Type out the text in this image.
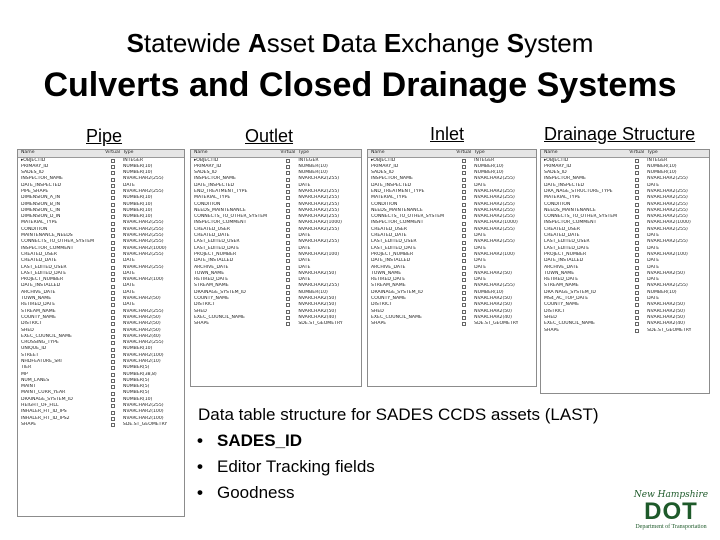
Statewide Asset Data Exchange System
Culverts and Closed Drainage Systems
Pipe	Outlet	Inlet	Drainage Structure
Name	Virtual Type
▸OBJECTID	INTEGER
PRIMARY_ID	NUMBER(10)
SADES_ID	NUMBER(10)
INSPECTOR_NAME	NVARCHAR2(255)
DATE_INSPECTED	DATE
PIPE_SHAPE	NVARCHAR2(255)
DIMENSION_A_IN	NUMBER(10)
DIMENSION_B_IN	NUMBER(10)
DIMENSION_C_IN	NUMBER(10)
DIMENSION_D_IN	NUMBER(10)
MATERIAL_TYPE	NVARCHAR2(255)
CONDITION	NVARCHAR2(255)
MAINTENANCE_NEEDS	NVARCHAR2(255)
CONNECTS_TO_OTHER_SYSTEM	NVARCHAR2(255)
INSPECTOR_COMMENT	NVARCHAR2(1000)
CREATED_USER	NVARCHAR2(255)
CREATED_DATE	DATE
LAST_EDITED_USER	NVARCHAR2(255)
LAST_EDITED_DATE	DATE
PROJECT_NUMBER	NVARCHAR2(100)
DATE_INSTALLED	DATE
ARCHIVE_DATE	DATE
TOWN_NAME	NVARCHAR2(50)
RETIRED_DATE	DATE
STREAM_NAME	NVARCHAR2(255)
COUNTY_NAME	NVARCHAR2(50)
DISTRICT	NVARCHAR2(50)
SHED	NVARCHAR2(50)
EXEC_COUNCIL_NAME	NVARCHAR2(40)
CROSSING_TYPE	NVARCHAR2(255)
UNIQUE_ID	NUMBER(10)
STREET	NVARCHAR2(100)
NHDFEATURE_SRI	NVARCHAR2(10)
TIER	NUMBER(5)
MP	NUMBER(38,8)
NUM_LANES	NUMBER(5)
MAINT	NUMBER(5)
MAINT_CURR_YEAR	NUMBER(5)
DRAINAGE_SYSTEM_ID	NUMBER(10)
HEIGHT_OF_FILL	NVARCHAR2(255)
INHALER_FIT_ID_IPS	NVARCHAR2(100)
INHALER_FIT_ID_IPS2	NVARCHAR2(100)
SHAPE	SDE.ST_GEOMETRY
Name	Virtual Type
▸OBJECTID	INTEGER
PRIMARY_ID	NUMBER(10)
SADES_ID	NUMBER(10)
INSPECTOR_NAME	NVARCHAR2(255)
DATE_INSPECTED	DATE
END_TREATMENT_TYPE	NVARCHAR2(255)
MATERIAL_TYPE	NVARCHAR2(255)
CONDITION	NVARCHAR2(255)
NEEDS_MAINTENANCE	NVARCHAR2(255)
CONNECTS_TO_OTHER_SYSTEM	NVARCHAR2(255)
INSPECTOR_COMMENT	NVARCHAR2(1000)
CREATED_USER	NVARCHAR2(255)
CREATED_DATE	DATE
LAST_EDITED_USER	NVARCHAR2(255)
LAST_EDITED_DATE	DATE
PROJECT_NUMBER	NVARCHAR2(100)
DATE_INSTALLED	DATE
ARCHIVE_DATE	DATE
TOWN_NAME	NVARCHAR2(50)
RETIRED_DATE	DATE
STREAM_NAME	NVARCHAR2(255)
DRAINAGE_SYSTEM_ID	NUMBER(10)
COUNTY_NAME	NVARCHAR2(50)
DISTRICT	NVARCHAR2(50)
SHED	NVARCHAR2(50)
EXEC_COUNCIL_NAME	NVARCHAR2(40)
SHAPE	SDE.ST_GEOMETRY
Name	Virtual Type
▸OBJECTID	INTEGER
PRIMARY_ID	NUMBER(10)
SADES_ID	NUMBER(10)
INSPECTOR_NAME	NVARCHAR2(255)
DATE_INSPECTED	DATE
END_TREATMENT_TYPE	NVARCHAR2(255)
MATERIAL_TYPE	NVARCHAR2(255)
CONDITION	NVARCHAR2(255)
NEEDS_MAINTENANCE	NVARCHAR2(255)
CONNECTS_TO_OTHER_SYSTEM	NVARCHAR2(255)
INSPECTOR_COMMENT	NVARCHAR2(1000)
CREATED_USER	NVARCHAR2(255)
CREATED_DATE	DATE
LAST_EDITED_USER	NVARCHAR2(255)
LAST_EDITED_DATE	DATE
PROJECT_NUMBER	NVARCHAR2(100)
DATE_INSTALLED	DATE
ARCHIVE_DATE	DATE
TOWN_NAME	NVARCHAR2(50)
RETIRED_DATE	DATE
STREAM_NAME	NVARCHAR2(255)
DRAINAGE_SYSTEM_ID	NUMBER(10)
COUNTY_NAME	NVARCHAR2(50)
DISTRICT	NVARCHAR2(50)
SHED	NVARCHAR2(50)
EXEC_COUNCIL_NAME	NVARCHAR2(40)
SHAPE	SDE.ST_GEOMETRY
Name	Virtual Type
▸OBJECTID	INTEGER
PRIMARY_ID	NUMBER(10)
SADES_ID	NUMBER(10)
INSPECTOR_NAME	NVARCHAR2(255)
DATE_INSPECTED	DATE
DRA_NAGE_STRUCTURE_TYPE	NVARCHAR2(255)
MATERIAL_TYPE	NVARCHAR2(255)
CONDITION	NVARCHAR2(255)
NEEDS_MAINTENANCE	NVARCHAR2(255)
CONNECTS_TO_OTHER_SYSTEM	NVARCHAR2(255)
INSPECTOR_COMMENT	NVARCHAR2(1000)
CREATED_USER	NVARCHAR2(255)
CREATED_DATE	DATE
LAST_EDITED_USER	NVARCHAR2(255)
LAST_EDITED_DATE	DATE
PROJECT_NUMBER	NVARCHAR2(100)
DATE_INSTALLED	DATE
ARCHIVE_DATE	DATE
TOWN_NAME	NVARCHAR2(50)
RETIRED_DATE	DATE
STREAM_NAME	NVARCHAR2(255)
DRA NAGE_SYSTEM_ID	NUMBER(10)
MS4_AC_TOP_DATE	DATE
COUNTY_NAME	NVARCHAR2(50)
DISTRICT	NVARCHAR2(50)
SHED	NVARCHAR2(50)
EXEC_COUNCIL_NAME	NVARCHAR2(40)
SHAPE	SDE.ST_GEOMETRY
Data table structure for SADES CCDS assets (LAST)
• SADES_ID
• Editor Tracking fields
• Goodness	New Hampshire
DOT
Department of Transportation
